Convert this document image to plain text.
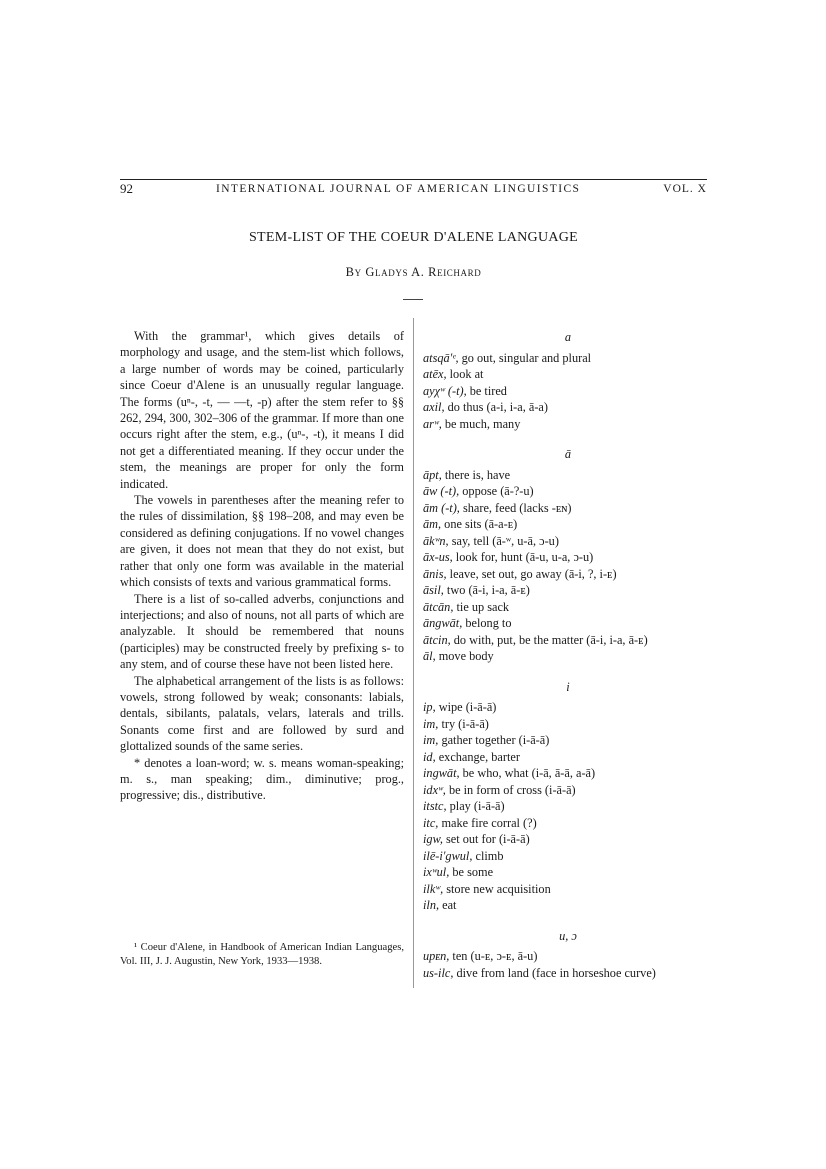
92	INTERNATIONAL JOURNAL OF AMERICAN LINGUISTICS	VOL. X
STEM-LIST OF THE COEUR D'ALENE LANGUAGE
By Gladys A. Reichard

With the grammar¹, which gives details of morphology and usage, and the stem-list which follows, a large number of words may be coined, particularly since Coeur d'Alene is an unusually regular language. The forms (uⁿ-, -t, — —t, -p) after the stem refer to §§ 262, 294, 300, 302–306 of the grammar. If more than one occurs right after the stem, e.g., (uⁿ-, -t), it means I did not get a differentiated meaning. If they occur under the stem, the meanings are proper for only the form indicated.

The vowels in parentheses after the meaning refer to the rules of dissimilation, §§ 198–208, and may even be considered as defining conjugations. If no vowel changes are given, it does not mean that they do not exist, but rather that only one form was available in the material which consists of texts and various grammatical forms.

There is a list of so-called adverbs, conjunctions and interjections; and also of nouns, not all parts of which are analyzable. It should be remembered that nouns (participles) may be constructed freely by prefixing s- to any stem, and of course these have not been listed here.

The alphabetical arrangement of the lists is as follows: vowels, strong followed by weak; consonants: labials, dentals, sibilants, palatals, velars, laterals and trills. Sonants come first and are followed by surd and glottalized sounds of the same series.

* denotes a loan-word; w. s. means woman-speaking; m. s., man speaking; dim., diminutive; prog., progressive; dis., distributive.

¹ Coeur d'Alene, in Handbook of American Indian Languages, Vol. III, J. J. Augustin, New York, 1933—1938.

a

atsqā'ᵉ, go out, singular and plural

atēx, look at

ayχʷ (-t), be tired

axil, do thus (a-i, i-a, ā-a)

arʷ, be much, many

ā

āpt, there is, have

āw (-t), oppose (ā-?-u)

ām (-t), share, feed (lacks -ᴇɴ)

ām, one sits (ā-a-ᴇ)

ākʷn, say, tell (ā-ʷ, u-ā, ɔ-u)

āx-us, look for, hunt (ā-u, u-a, ɔ-u)

ānis, leave, set out, go away (ā-i, ?, i-ᴇ)

āsil, two (ā-i, i-a, ā-ᴇ)

ātcān, tie up sack

āngwāt, belong to

ātcin, do with, put, be the matter (ā-i, i-a, ā-ᴇ)

āl, move body

i

ip, wipe (i-ā-ā)

im, try (i-ā-ā)

im, gather together (i-ā-ā)

id, exchange, barter

ingwāt, be who, what (i-ā, ā-ā, a-ā)

idxʷ, be in form of cross (i-ā-ā)

itstc, play (i-ā-ā)

itc, make fire corral (?)

igw, set out for (i-ā-ā)

ilē-i'gwul, climb

ixʷul, be some

ilkʷ, store new acquisition

iln, eat

u, ɔ

upᴇn, ten (u-ᴇ, ɔ-ᴇ, ā-u)

us-ilc, dive from land (face in horseshoe curve)
